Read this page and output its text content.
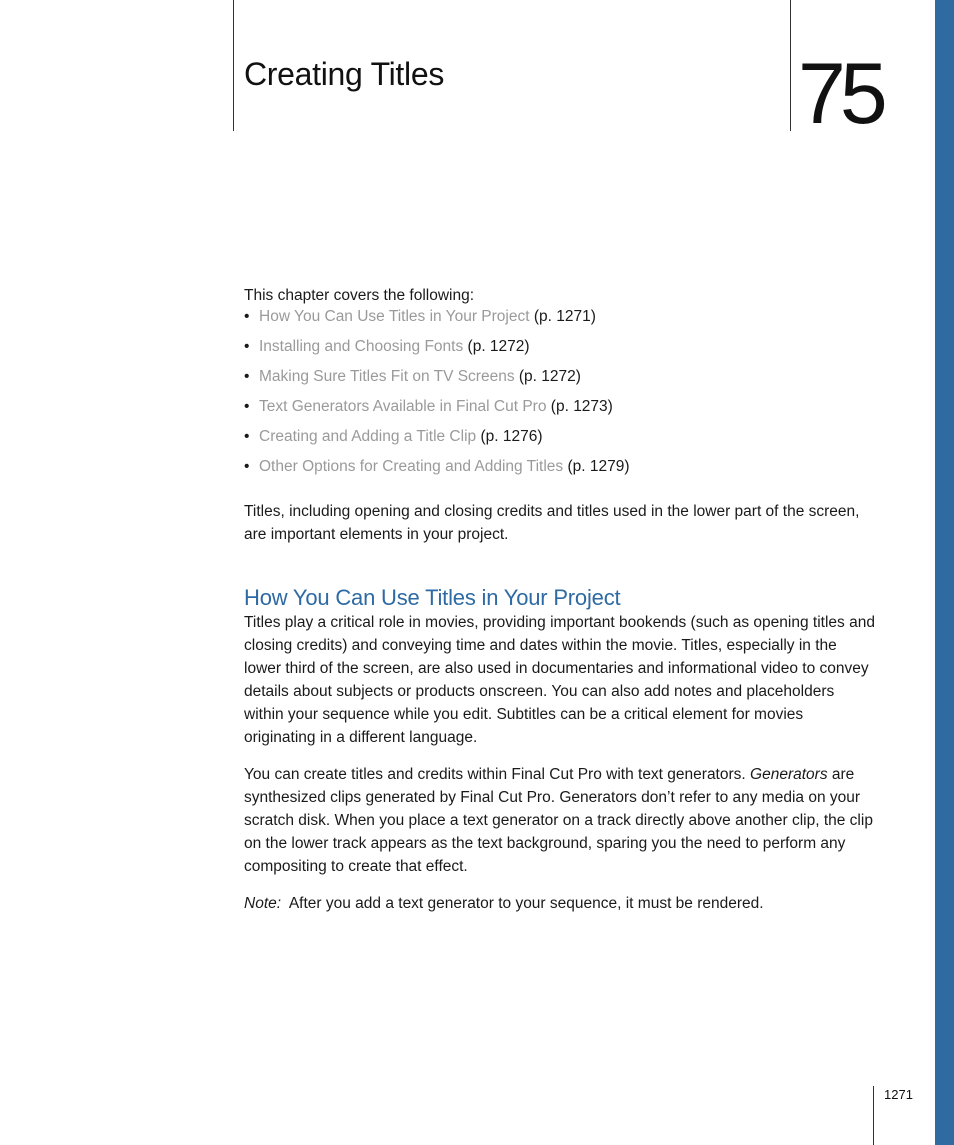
Creating Titles	75

This chapter covers the following:

• How You Can Use Titles in Your Project (p. 1271)
• Installing and Choosing Fonts (p. 1272)
• Making Sure Titles Fit on TV Screens (p. 1272)
• Text Generators Available in Final Cut Pro (p. 1273)
• Creating and Adding a Title Clip (p. 1276)
• Other Options for Creating and Adding Titles (p. 1279)

Titles, including opening and closing credits and titles used in the lower part of the screen, are important elements in your project.

How You Can Use Titles in Your Project

Titles play a critical role in movies, providing important bookends (such as opening titles and closing credits) and conveying time and dates within the movie. Titles, especially in the lower third of the screen, are also used in documentaries and informational video to convey details about subjects or products onscreen. You can also add notes and placeholders within your sequence while you edit. Subtitles can be a critical element for movies originating in a different language.

You can create titles and credits within Final Cut Pro with text generators. Generators are synthesized clips generated by Final Cut Pro. Generators don’t refer to any media on your scratch disk. When you place a text generator on a track directly above another clip, the clip on the lower track appears as the text background, sparing you the need to perform any compositing to create that effect.

Note: After you add a text generator to your sequence, it must be rendered.

1271
